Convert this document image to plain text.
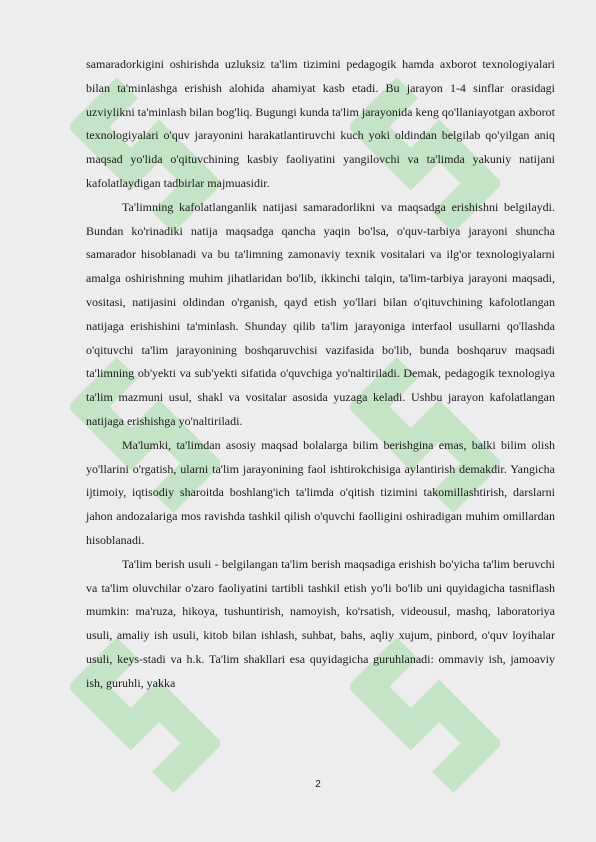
samaradorkigini oshirishda uzluksiz ta'lim tizimini pedagogik hamda axborot texnologiyalari bilan ta'minlashga erishish alohida ahamiyat kasb etadi. Bu jarayon 1-4 sinflar orasidagi uzviylikni ta'minlash bilan bog'liq. Bugungi kunda ta'lim jarayonida keng qo'llaniayotgan axborot texnologiyalari o'quv jarayonini harakatlantiruvchi kuch yoki oldindan belgilab qo'yilgan aniq maqsad yo'lida o'qituvchining kasbiy faoliyatini yangilovchi va ta'limda yakuniy natijani kafolatlaydigan tadbirlar majmuasidir.

Ta'limning kafolatlanganlik natijasi samaradorlikni va maqsadga erishishni belgilaydi. Bundan ko'rinadiki natija maqsadga qancha yaqin bo'lsa, o'quv-tarbiya jarayoni shuncha samarador hisoblanadi va bu ta'limning zamonaviy texnik vositalari va ilg'or texnologiyalarni amalga oshirishning muhim jihatlaridan bo'lib, ikkinchi talqin, ta'lim-tarbiya jarayoni maqsadi, vositasi, natijasini oldindan o'rganish, qayd etish yo'llari bilan o'qituvchining kafolotlangan natijaga erishishini ta'minlash. Shunday qilib ta'lim jarayoniga interfaol usullarni qo'llashda o'qituvchi ta'lim jarayonining boshqaruvchisi vazifasida bo'lib, bunda boshqaruv maqsadi ta'limning ob'yekti va sub'yekti sifatida o'quvchiga yo'naltiriladi. Demak, pedagogik texnologiya ta'lim mazmuni usul, shakl va vositalar asosida yuzaga keladi. Ushbu jarayon kafolatlangan natijaga erishishga yo'naltiriladi.

Ma'lumki, ta'limdan asosiy maqsad bolalarga bilim berishgina emas, balki bilim olish yo'llarini o'rgatish, ularni ta'lim jarayonining faol ishtirokchisiga aylantirish demakdir. Yangicha ijtimoiy, iqtisodiy sharoitda boshlang'ich ta'limda o'qitish tizimini takomillashtirish, darslarni jahon andozalariga mos ravishda tashkil qilish o'quvchi faolligini oshiradigan muhim omillardan hisoblanadi.

Ta'lim berish usuli - belgilangan ta'lim berish maqsadiga erishish bo'yicha ta'lim beruvchi va ta'lim oluvchilar o'zaro faoliyatini tartibli tashkil etish yo'li bo'lib uni quyidagicha tasniflash mumkin: ma'ruza, hikoya, tushuntirish, namoyish, ko'rsatish, videousul, mashq, laboratoriya usuli, amaliy ish usuli, kitob bilan ishlash, suhbat, bahs, aqliy xujum, pinbord, o'quv loyihalar usuli, keys-stadi va h.k. Ta'lim shakllari esa quyidagicha guruhlanadi: ommaviy ish, jamoaviy ish, guruhli, yakka

2
